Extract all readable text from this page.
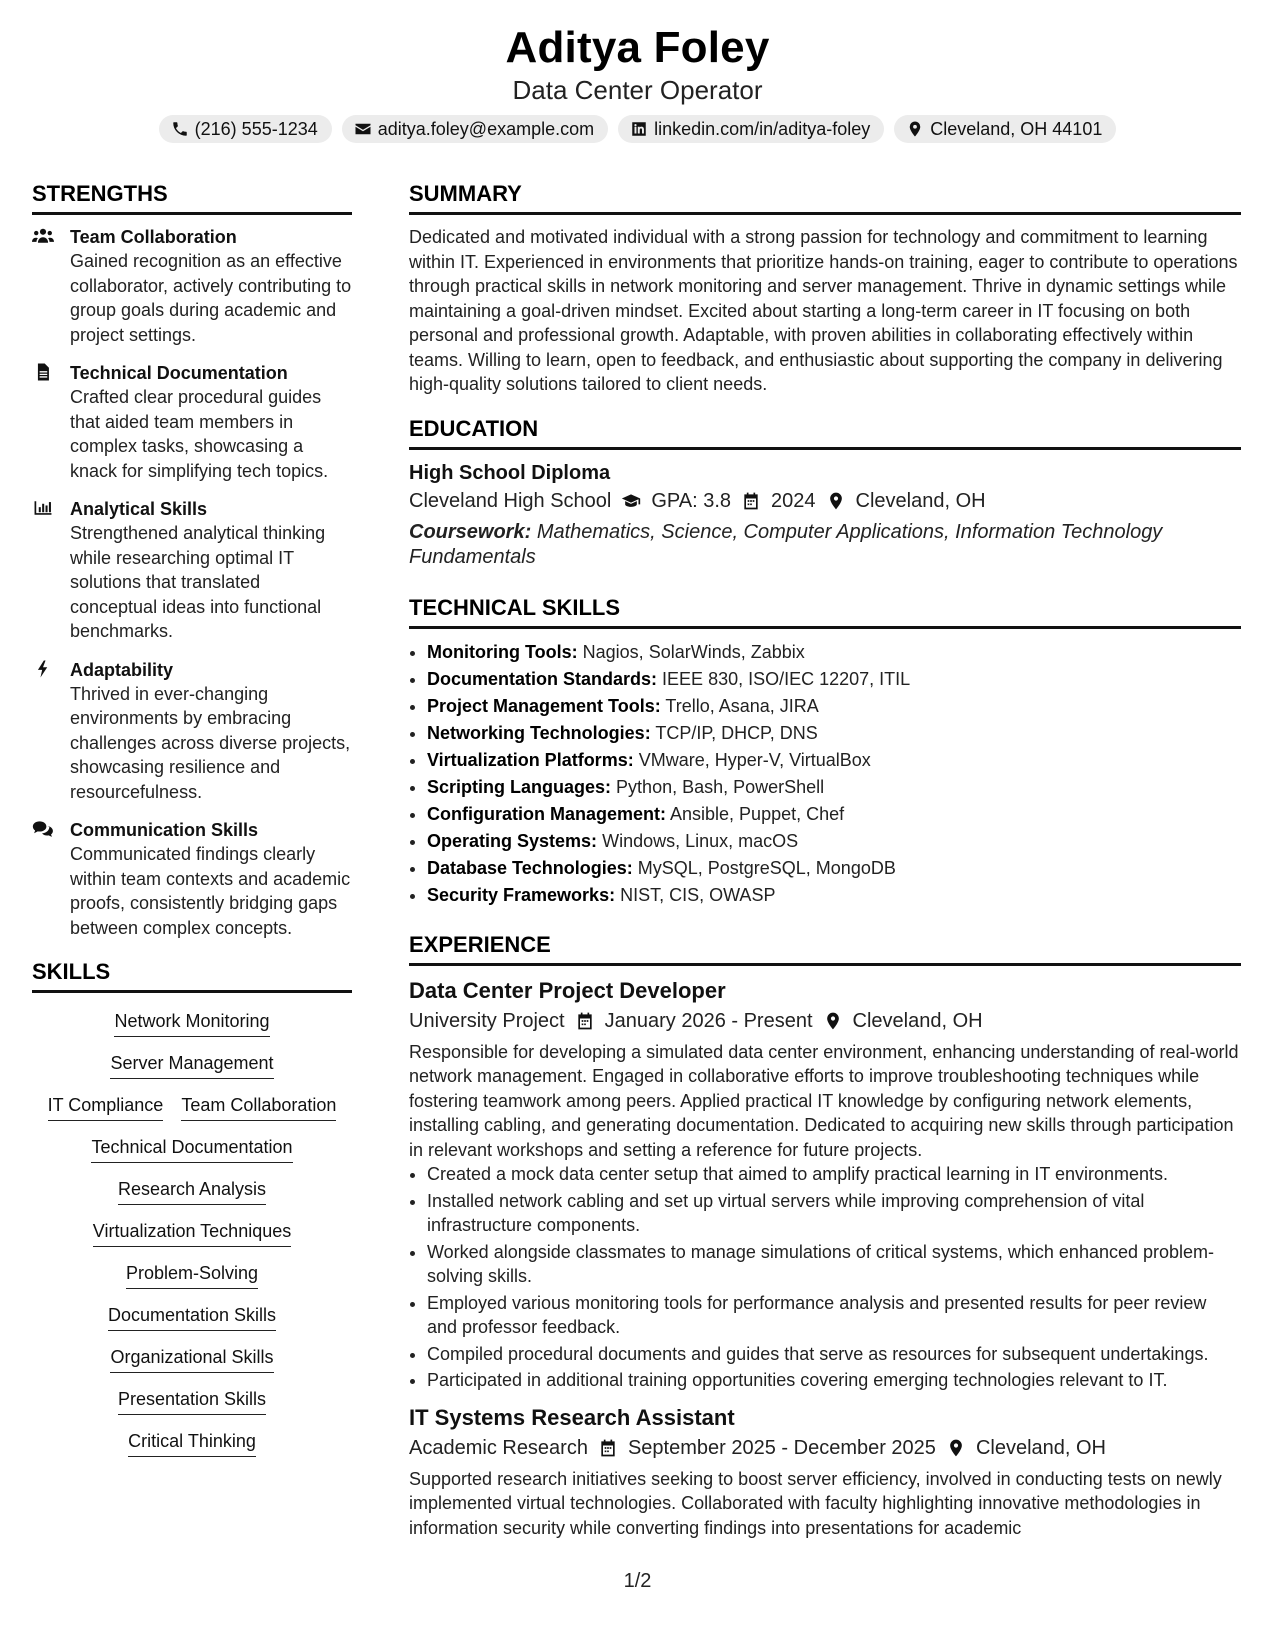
Aditya Foley
Data Center Operator
(216) 555-1234	aditya.foley@example.com	linkedin.com/in/aditya-foley	Cleveland, OH 44101
STRENGTHS
Team Collaboration
Gained recognition as an effective collaborator, actively contributing to group goals during academic and project settings.
Technical Documentation
Crafted clear procedural guides that aided team members in complex tasks, showcasing a knack for simplifying tech topics.
Analytical Skills
Strengthened analytical thinking while researching optimal IT solutions that translated conceptual ideas into functional benchmarks.
Adaptability
Thrived in ever-changing environments by embracing challenges across diverse projects, showcasing resilience and resourcefulness.
Communication Skills
Communicated findings clearly within team contexts and academic proofs, consistently bridging gaps between complex concepts.
SKILLS
Network Monitoring
Server Management
IT Compliance Team Collaboration
Technical Documentation
Research Analysis
Virtualization Techniques
Problem-Solving
Documentation Skills
Organizational Skills
Presentation Skills
Critical Thinking
SUMMARY
Dedicated and motivated individual with a strong passion for technology and commitment to learning within IT. Experienced in environments that prioritize hands-on training, eager to contribute to operations through practical skills in network monitoring and server management. Thrive in dynamic settings while maintaining a goal-driven mindset. Excited about starting a long-term career in IT focusing on both personal and professional growth. Adaptable, with proven abilities in collaborating effectively within teams. Willing to learn, open to feedback, and enthusiastic about supporting the company in delivering high-quality solutions tailored to client needs.
EDUCATION
High School Diploma
Cleveland High School GPA: 3.8 2024 Cleveland, OH
Coursework: Mathematics, Science, Computer Applications, Information Technology Fundamentals
TECHNICAL SKILLS
• Monitoring Tools: Nagios, SolarWinds, Zabbix
• Documentation Standards: IEEE 830, ISO/IEC 12207, ITIL
• Project Management Tools: Trello, Asana, JIRA
• Networking Technologies: TCP/IP, DHCP, DNS
• Virtualization Platforms: VMware, Hyper-V, VirtualBox
• Scripting Languages: Python, Bash, PowerShell
• Configuration Management: Ansible, Puppet, Chef
• Operating Systems: Windows, Linux, macOS
• Database Technologies: MySQL, PostgreSQL, MongoDB
• Security Frameworks: NIST, CIS, OWASP
EXPERIENCE
Data Center Project Developer
University Project January 2026 - Present Cleveland, OH
Responsible for developing a simulated data center environment, enhancing understanding of real-world network management. Engaged in collaborative efforts to improve troubleshooting techniques while fostering teamwork among peers. Applied practical IT knowledge by configuring network elements, installing cabling, and generating documentation. Dedicated to acquiring new skills through participation in relevant workshops and setting a reference for future projects.
• Created a mock data center setup that aimed to amplify practical learning in IT environments.
• Installed network cabling and set up virtual servers while improving comprehension of vital infrastructure components.
• Worked alongside classmates to manage simulations of critical systems, which enhanced problem-solving skills.
• Employed various monitoring tools for performance analysis and presented results for peer review and professor feedback.
• Compiled procedural documents and guides that serve as resources for subsequent undertakings.
• Participated in additional training opportunities covering emerging technologies relevant to IT.
IT Systems Research Assistant
Academic Research September 2025 - December 2025 Cleveland, OH
Supported research initiatives seeking to boost server efficiency, involved in conducting tests on newly implemented virtual technologies. Collaborated with faculty highlighting innovative methodologies in information security while converting findings into presentations for academic
1/2
